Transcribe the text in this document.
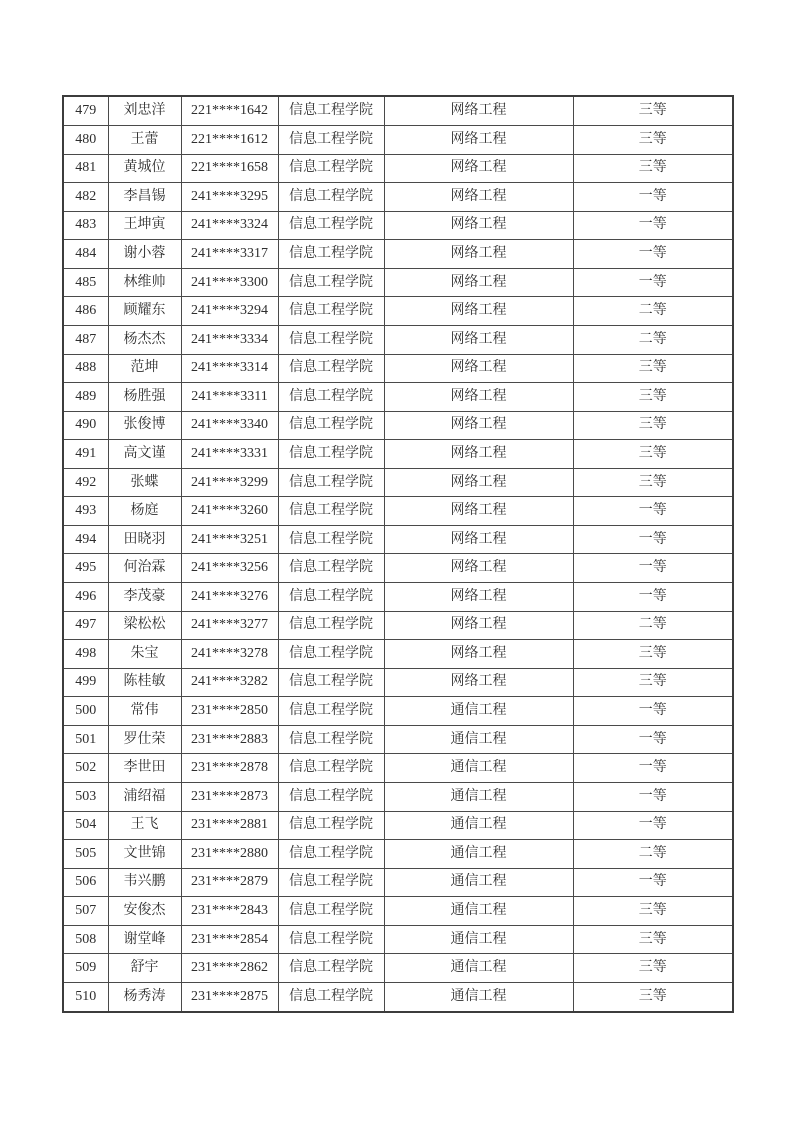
479	刘忠洋	221****1642	信息工程学院	网络工程	三等
480	王蕾	221****1612	信息工程学院	网络工程	三等
481	黄城位	221****1658	信息工程学院	网络工程	三等
482	李昌锡	241****3295	信息工程学院	网络工程	一等
483	王坤寅	241****3324	信息工程学院	网络工程	一等
484	谢小蓉	241****3317	信息工程学院	网络工程	一等
485	林维帅	241****3300	信息工程学院	网络工程	一等
486	顾耀东	241****3294	信息工程学院	网络工程	二等
487	杨杰杰	241****3334	信息工程学院	网络工程	二等
488	范坤	241****3314	信息工程学院	网络工程	三等
489	杨胜强	241****3311	信息工程学院	网络工程	三等
490	张俊博	241****3340	信息工程学院	网络工程	三等
491	高文谨	241****3331	信息工程学院	网络工程	三等
492	张蝶	241****3299	信息工程学院	网络工程	三等
493	杨庭	241****3260	信息工程学院	网络工程	一等
494	田晓羽	241****3251	信息工程学院	网络工程	一等
495	何治霖	241****3256	信息工程学院	网络工程	一等
496	李茂豪	241****3276	信息工程学院	网络工程	一等
497	梁松松	241****3277	信息工程学院	网络工程	二等
498	朱宝	241****3278	信息工程学院	网络工程	三等
499	陈桂敏	241****3282	信息工程学院	网络工程	三等
500	常伟	231****2850	信息工程学院	通信工程	一等
501	罗仕荣	231****2883	信息工程学院	通信工程	一等
502	李世田	231****2878	信息工程学院	通信工程	一等
503	浦绍福	231****2873	信息工程学院	通信工程	一等
504	王飞	231****2881	信息工程学院	通信工程	一等
505	文世锦	231****2880	信息工程学院	通信工程	二等
506	韦兴鹏	231****2879	信息工程学院	通信工程	一等
507	安俊杰	231****2843	信息工程学院	通信工程	三等
508	谢堂峰	231****2854	信息工程学院	通信工程	三等
509	舒宇	231****2862	信息工程学院	通信工程	三等
510	杨秀涛	231****2875	信息工程学院	通信工程	三等
